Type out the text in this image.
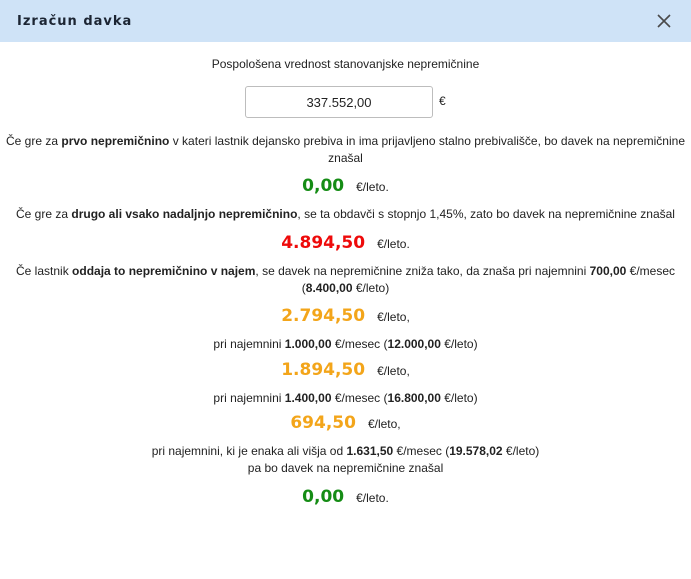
Izračun davka
Pospološena vrednost stanovanjske nepremičnine
337.552,00
€
Če gre za prvo nepremičnino v kateri lastnik dejansko prebiva in ima prijavljeno stalno prebivališče, bo davek na nepremičnine znašal
0,00 €/leto.
Če gre za drugo ali vsako nadaljnjo nepremičnino, se ta obdavči s stopnjo 1,45%, zato bo davek na nepremičnine znašal
4.894,50 €/leto.
Če lastnik oddaja to nepremičnino v najem, se davek na nepremičnine zniža tako, da znaša pri najemnini 700,00 €/mesec (8.400,00 €/leto)
2.794,50 €/leto,
pri najemnini 1.000,00 €/mesec (12.000,00 €/leto)
1.894,50 €/leto,
pri najemnini 1.400,00 €/mesec (16.800,00 €/leto)
694,50 €/leto,
pri najemnini, ki je enaka ali višja od 1.631,50 €/mesec (19.578,02 €/leto)
pa bo davek na nepremičnine znašal
0,00 €/leto.
